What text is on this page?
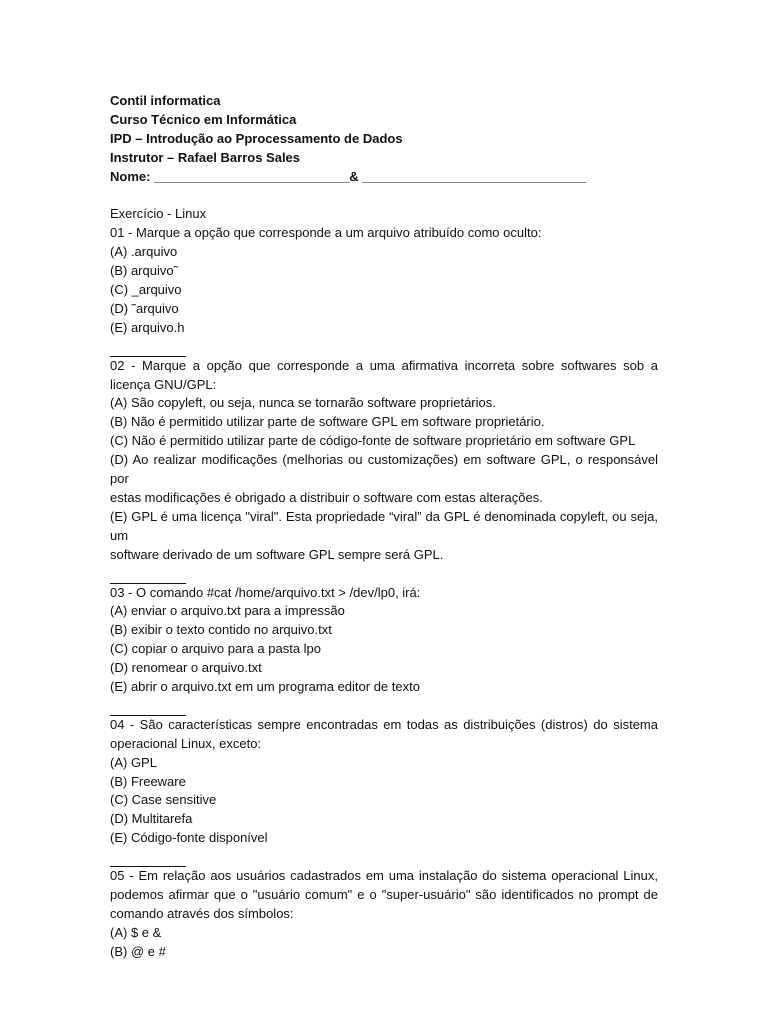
Contil informatica
Curso Técnico em Informática
IPD – Introdução ao Pprocessamento de Dados
Instrutor – Rafael Barros Sales
Nome: ___________________________& _______________________________
Exercício - Linux
01 - Marque a opção que corresponde a um arquivo atribuído como oculto:
(A) .arquivo
(B) arquivo˜
(C) _arquivo
(D) ˜arquivo
(E) arquivo.h
02 - Marque a opção que corresponde a uma afirmativa incorreta sobre softwares sob a licença GNU/GPL:
(A) São copyleft, ou seja, nunca se tornarão software proprietários.
(B) Não é permitido utilizar parte de software GPL em software proprietário.
(C) Não é permitido utilizar parte de código-fonte de software proprietário em software GPL
(D) Ao realizar modificações (melhorias ou customizações) em software GPL, o responsável por
estas modificações é obrigado a distribuir o software com estas alterações.
(E) GPL é uma licença "viral". Esta propriedade “viral” da GPL é denominada copyleft, ou seja, um
software derivado de um software GPL sempre será GPL.
03 - O comando #cat /home/arquivo.txt > /dev/lp0, irá:
(A) enviar o arquivo.txt para a impressão
(B) exibir o texto contido no arquivo.txt
(C) copiar o arquivo para a pasta lpo
(D) renomear o arquivo.txt
(E) abrir o arquivo.txt em um programa editor de texto
04 - São características sempre encontradas em todas as distribuições (distros) do sistema operacional Linux, exceto:
(A) GPL
(B) Freeware
(C) Case sensitive
(D) Multitarefa
(E) Código-fonte disponível
05 - Em relação aos usuários cadastrados em uma instalação do sistema operacional Linux, podemos afirmar que o "usuário comum" e o "super-usuário" são identificados no prompt de comando através dos símbolos:
(A) $ e &
(B) @ e #
